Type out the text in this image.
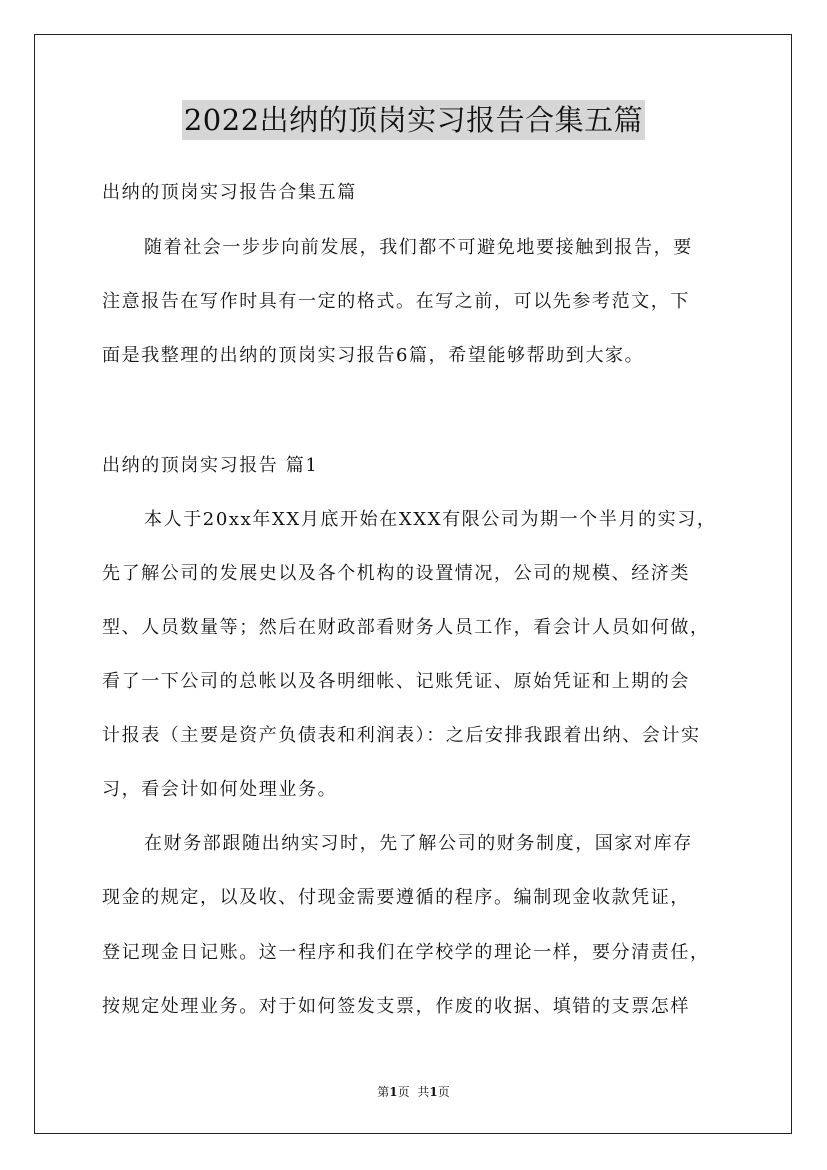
2022出纳的顶岗实习报告合集五篇
出纳的顶岗实习报告合集五篇
随着社会一步步向前发展，我们都不可避免地要接触到报告，要
注意报告在写作时具有一定的格式。在写之前，可以先参考范文，下
面是我整理的出纳的顶岗实习报告6篇，希望能够帮助到大家。
出纳的顶岗实习报告 篇1
本人于20xx年XX月底开始在XXX有限公司为期一个半月的实习，
先了解公司的发展史以及各个机构的设置情况，公司的规模、经济类
型、人员数量等；然后在财政部看财务人员工作，看会计人员如何做，
看了一下公司的总帐以及各明细帐、记账凭证、原始凭证和上期的会
计报表（主要是资产负债表和利润表）：之后安排我跟着出纳、会计实
习，看会计如何处理业务。
在财务部跟随出纳实习时，先了解公司的财务制度，国家对库存
现金的规定，以及收、付现金需要遵循的程序。编制现金收款凭证，
登记现金日记账。这一程序和我们在学校学的理论一样，要分清责任，
按规定处理业务。对于如何签发支票，作废的收据、填错的支票怎样
第1页 共1页
